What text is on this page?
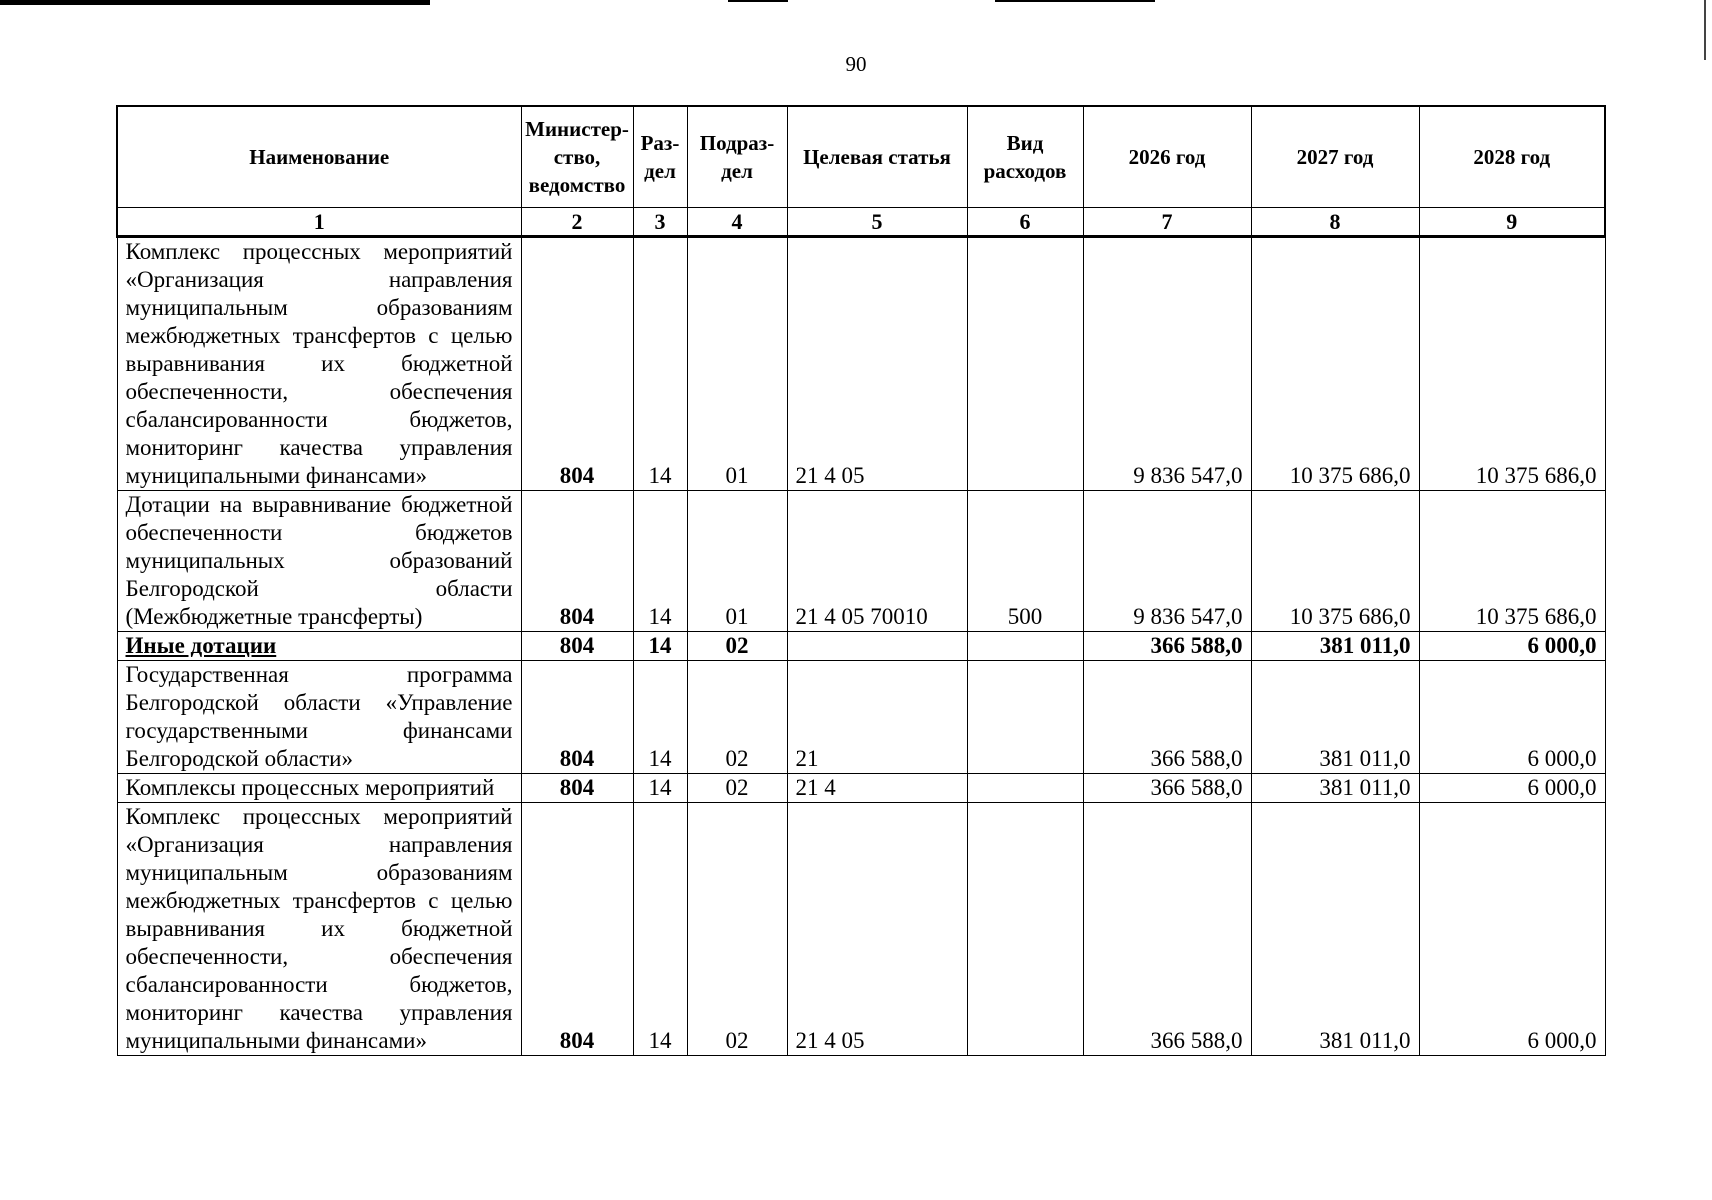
90
Наименование	Министер-ство, ведомство	Раз-дел	Подраз-дел	Целевая статья	Вид расходов	2026 год	2027 год	2028 год
1	2	3	4	5	6	7	8	9
Комплекс процессных мероприятий «Организация направления муниципальным образованиям межбюджетных трансфертов с целью выравнивания их бюджетной обеспеченности, обеспечения сбалансированности бюджетов, мониторинг качества управления муниципальными финансами»	804	14	01	21 4 05		9 836 547,0	10 375 686,0	10 375 686,0
Дотации на выравнивание бюджетной обеспеченности бюджетов муниципальных образований Белгородской области (Межбюджетные трансферты)	804	14	01	21 4 05 70010	500	9 836 547,0	10 375 686,0	10 375 686,0
Иные дотации	804	14	02			366 588,0	381 011,0	6 000,0
Государственная программа Белгородской области «Управление государственными финансами Белгородской области»	804	14	02	21		366 588,0	381 011,0	6 000,0
Комплексы процессных мероприятий	804	14	02	21 4		366 588,0	381 011,0	6 000,0
Комплекс процессных мероприятий «Организация направления муниципальным образованиям межбюджетных трансфертов с целью выравнивания их бюджетной обеспеченности, обеспечения сбалансированности бюджетов, мониторинг качества управления муниципальными финансами»	804	14	02	21 4 05		366 588,0	381 011,0	6 000,0
